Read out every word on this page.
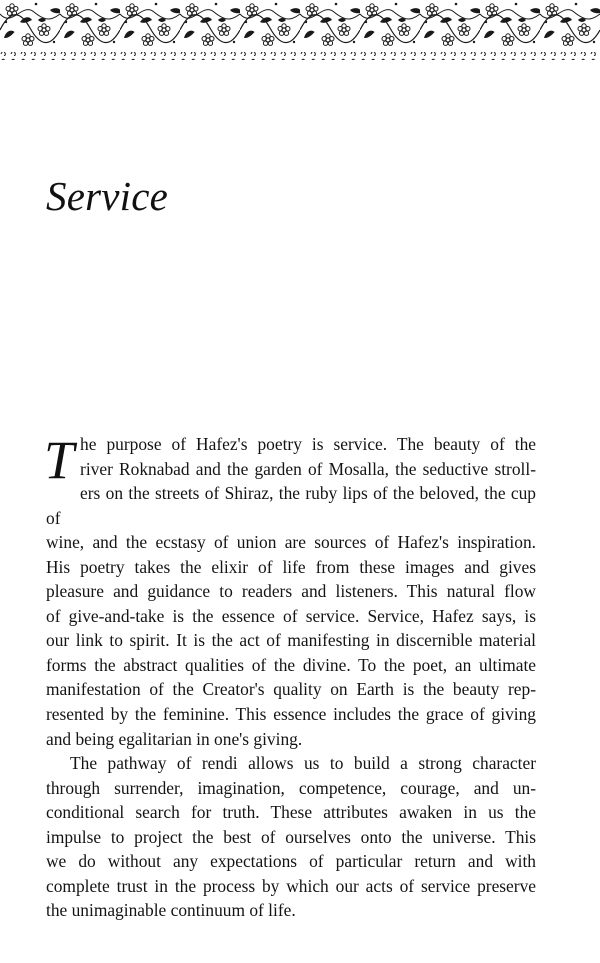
Service
T he purpose of Hafez's poetry is service. The beauty of the

river Roknabad and the garden of Mosalla, the seductive stroll-

ers on the streets of Shiraz, the ruby lips of the beloved, the cup of

wine, and the ecstasy of union are sources of Hafez's inspiration.

His poetry takes the elixir of life from these images and gives

pleasure and guidance to readers and listeners. This natural flow

of give-and-take is the essence of service. Service, Hafez says, is

our link to spirit. It is the act of manifesting in discernible material

forms the abstract qualities of the divine. To the poet, an ultimate

manifestation of the Creator's quality on Earth is the beauty rep-

resented by the feminine. This essence includes the grace of giving

and being egalitarian in one's giving.

The pathway of rendi allows us to build a strong character

through surrender, imagination, competence, courage, and un-

conditional search for truth. These attributes awaken in us the

impulse to project the best of ourselves onto the universe. This

we do without any expectations of particular return and with

complete trust in the process by which our acts of service preserve

the unimaginable continuum of life.
